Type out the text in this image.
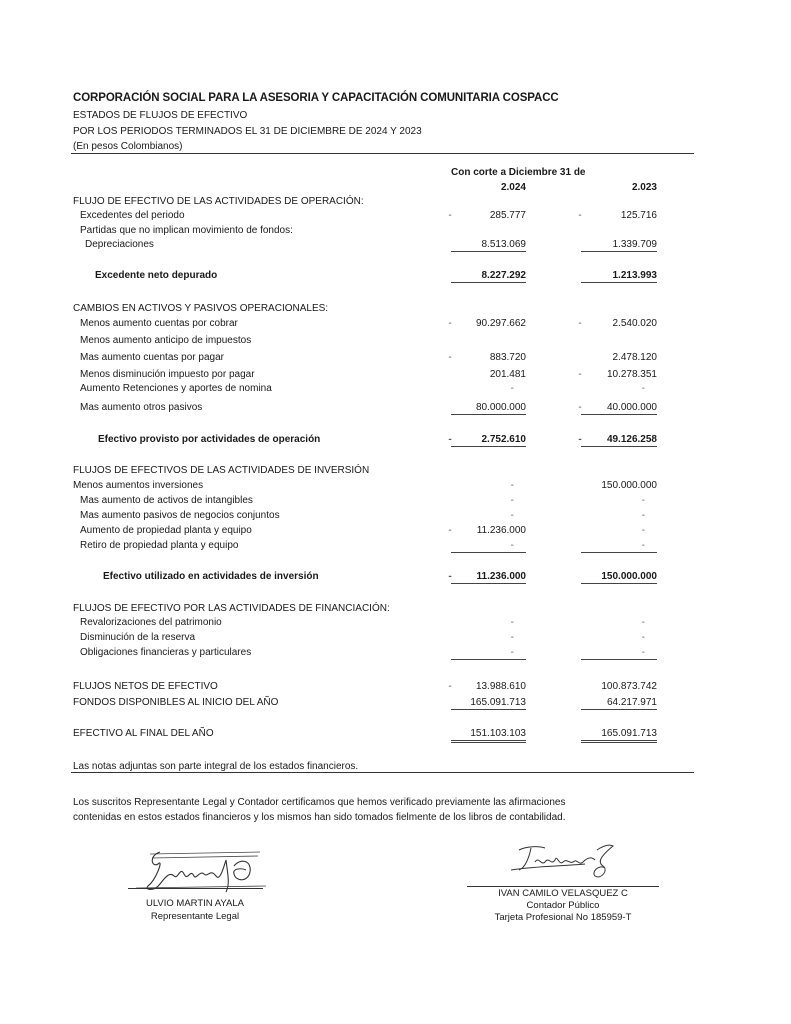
CORPORACIÓN SOCIAL PARA LA ASESORIA Y CAPACITACIÓN COMUNITARIA COSPACC
ESTADOS DE FLUJOS DE EFECTIVO
POR LOS PERIODOS TERMINADOS EL 31 DE DICIEMBRE DE 2024 Y 2023
(En pesos Colombianos)
Con corte a Diciembre 31 de
2.024	2.023
FLUJO DE EFECTIVO DE LAS ACTIVIDADES DE OPERACIÓN:
Excedentes del periodo	-	285.777	-	125.716
Partidas que no implican movimiento de fondos:
Depreciaciones	8.513.069	1.339.709
Excedente neto depurado	8.227.292	1.213.993
CAMBIOS EN ACTIVOS Y PASIVOS OPERACIONALES:
Menos aumento cuentas por cobrar	-	90.297.662	-	2.540.020
Menos aumento anticipo de impuestos
Mas aumento cuentas por pagar	-	883.720	2.478.120
Menos disminución impuesto por pagar	201.481	-	10.278.351
Aumento Retenciones y aportes de nomina	-	-
Mas aumento otros pasivos	80.000.000	-	40.000.000
Efectivo provisto por actividades de operación	-	2.752.610	-	49.126.258
FLUJOS DE EFECTIVOS DE LAS ACTIVIDADES DE INVERSIÓN
Menos aumentos inversiones	-	150.000.000
Mas aumento de activos de intangibles	-	-
Mas aumento pasivos de negocios conjuntos	-	-
Aumento de propiedad planta y equipo	-	11.236.000	-
Retiro de propiedad planta y equipo	-	-
Efectivo utilizado en actividades de inversión	-	11.236.000	150.000.000
FLUJOS DE EFECTIVO POR LAS ACTIVIDADES DE FINANCIACIÓN:
Revalorizaciones del patrimonio	-	-
Disminución de la reserva	-	-
Obligaciones financieras y particulares	-	-
FLUJOS NETOS DE EFECTIVO	-	13.988.610	100.873.742
FONDOS DISPONIBLES AL INICIO DEL AÑO	165.091.713	64.217.971
EFECTIVO AL FINAL DEL AÑO	151.103.103	165.091.713
Las notas adjuntas son parte integral de los estados financieros.
Los suscritos Representante Legal y Contador certificamos que hemos verificado previamente las afirmaciones
contenidas en estos estados financieros y los mismos han sido tomados fielmente de los libros de contabilidad.
ULVIO MARTIN AYALA
Representante Legal
IVAN CAMILO VELASQUEZ C
Contador Público
Tarjeta Profesional No 185959-T
